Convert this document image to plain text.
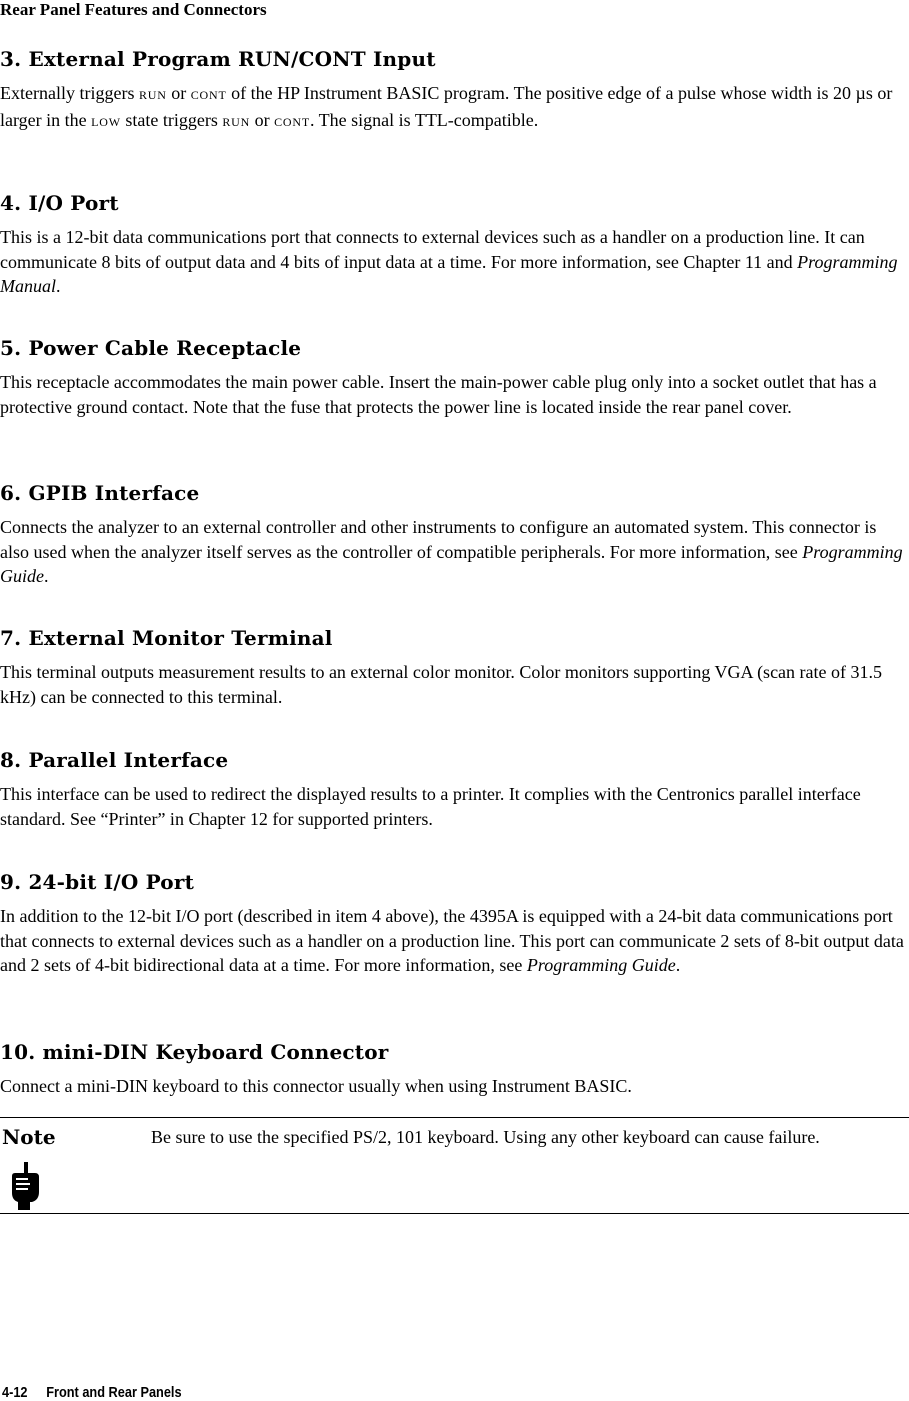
Rear Panel Features and Connectors
3. External Program RUN/CONT Input

Externally triggers RUN or CONT of the HP Instrument BASIC program. The positive edge of a pulse whose width is 20 µs or larger in the LOW state triggers RUN or CONT. The signal is TTL-compatible.

4. I/O Port

This is a 12-bit data communications port that connects to external devices such as a handler on a production line. It can communicate 8 bits of output data and 4 bits of input data at a time. For more information, see Chapter 11 and Programming Manual.

5. Power Cable Receptacle

This receptacle accommodates the main power cable. Insert the main-power cable plug only into a socket outlet that has a protective ground contact. Note that the fuse that protects the power line is located inside the rear panel cover.

6. GPIB Interface

Connects the analyzer to an external controller and other instruments to configure an automated system. This connector is also used when the analyzer itself serves as the controller of compatible peripherals. For more information, see Programming Guide.

7. External Monitor Terminal

This terminal outputs measurement results to an external color monitor. Color monitors supporting VGA (scan rate of 31.5 kHz) can be connected to this terminal.

8. Parallel Interface

This interface can be used to redirect the displayed results to a printer. It complies with the Centronics parallel interface standard. See “Printer” in Chapter 12 for supported printers.

9. 24-bit I/O Port

In addition to the 12-bit I/O port (described in item 4 above), the 4395A is equipped with a 24-bit data communications port that connects to external devices such as a handler on a production line. This port can communicate 2 sets of 8-bit output data and 2 sets of 4-bit bidirectional data at a time. For more information, see Programming Guide.

10. mini-DIN Keyboard Connector

Connect a mini-DIN keyboard to this connector usually when using Instrument BASIC.

Note	Be sure to use the specified PS/2, 101 keyboard. Using any other keyboard can cause failure.
4-12 Front and Rear Panels
